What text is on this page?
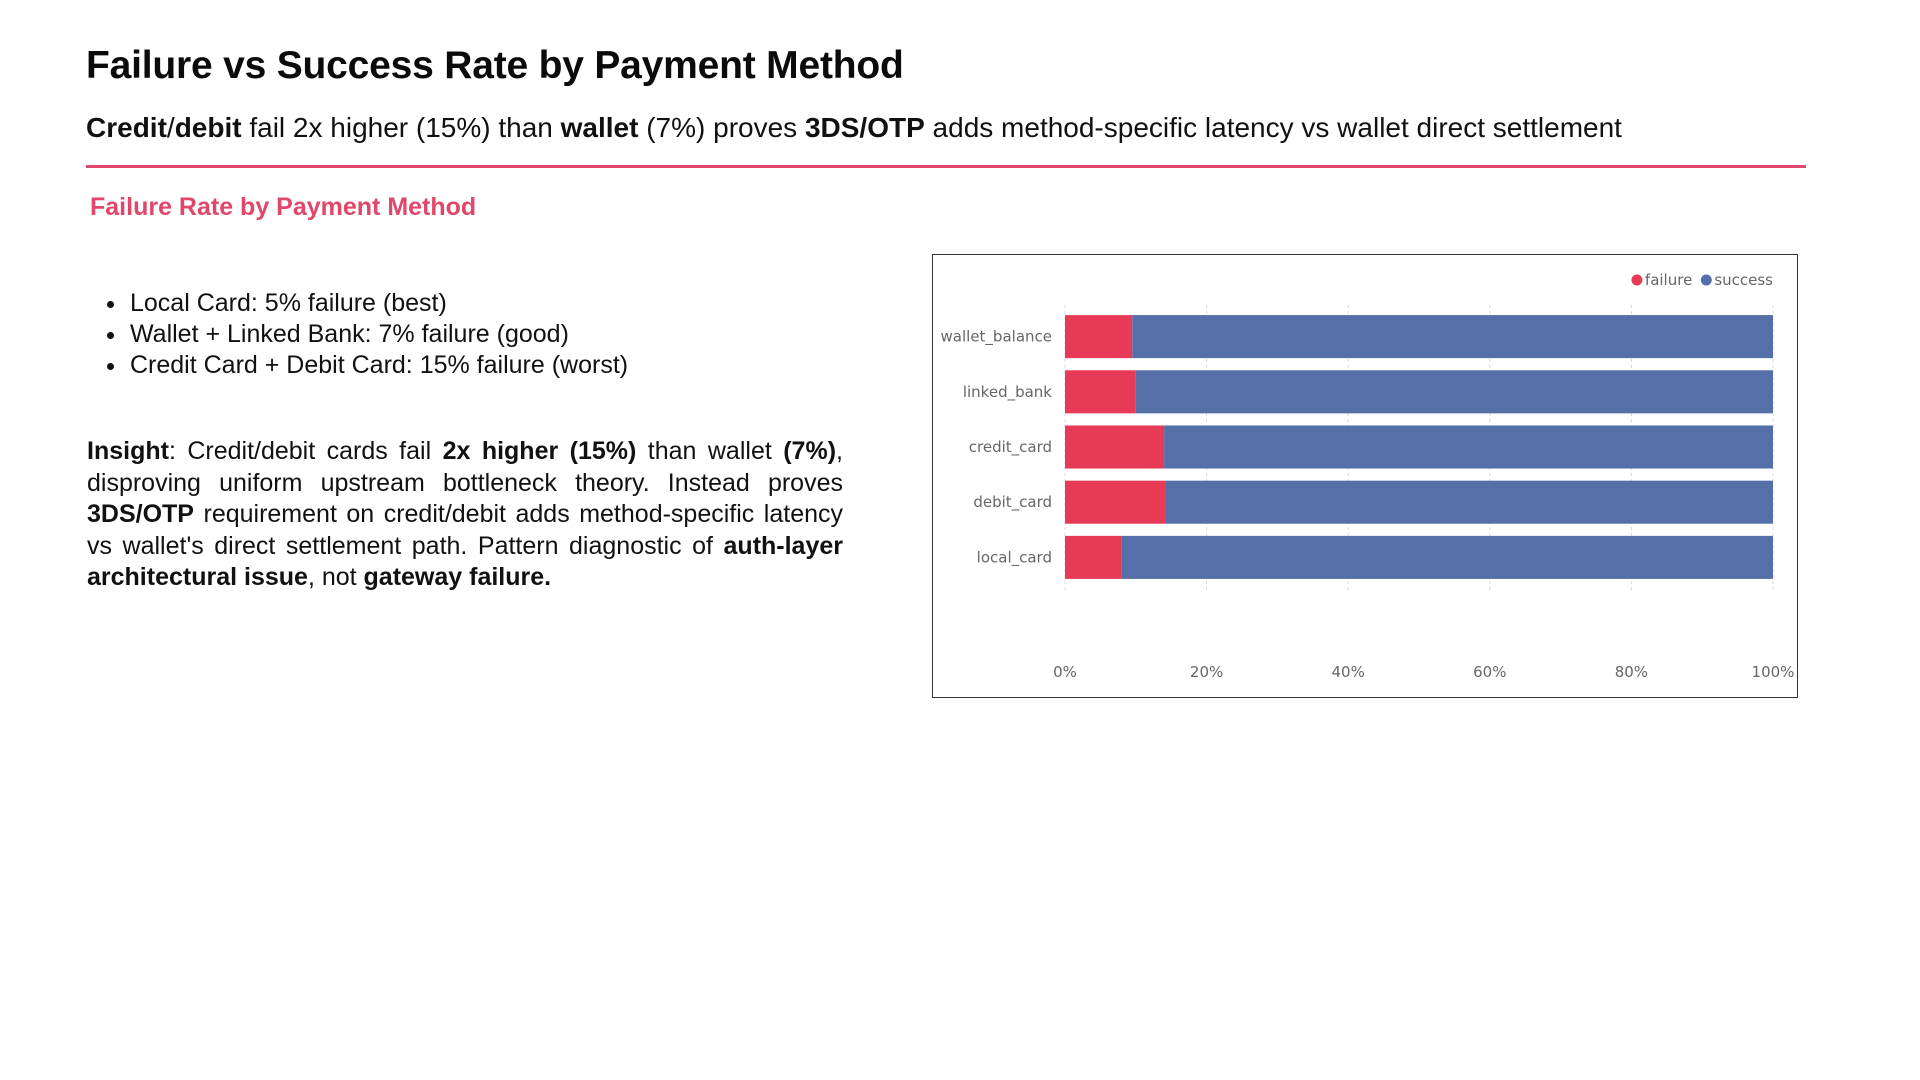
Failure vs Success Rate by Payment Method

Credit/debit fail 2x higher (15%) than wallet (7%) proves 3DS/OTP adds method-specific latency vs wallet direct settlement

Failure Rate by Payment Method
• Local Card: 5% failure (best)
• Wallet + Linked Bank: 7% failure (good)
• Credit Card + Debit Card: 15% failure (worst)

Insight: Credit/debit cards fail 2x higher (15%) than wallet (7%), disproving uniform upstream bottleneck theory. Instead proves 3DS/OTP requirement on credit/debit adds method-specific latency vs wallet's direct settlement path. Pattern diagnostic of auth-layer architectural issue, not gateway failure.

0%	20%	40%	60%	80%	100%
wallet_balance
linked_bank
credit_card
debit_card
local_card
success
failure
